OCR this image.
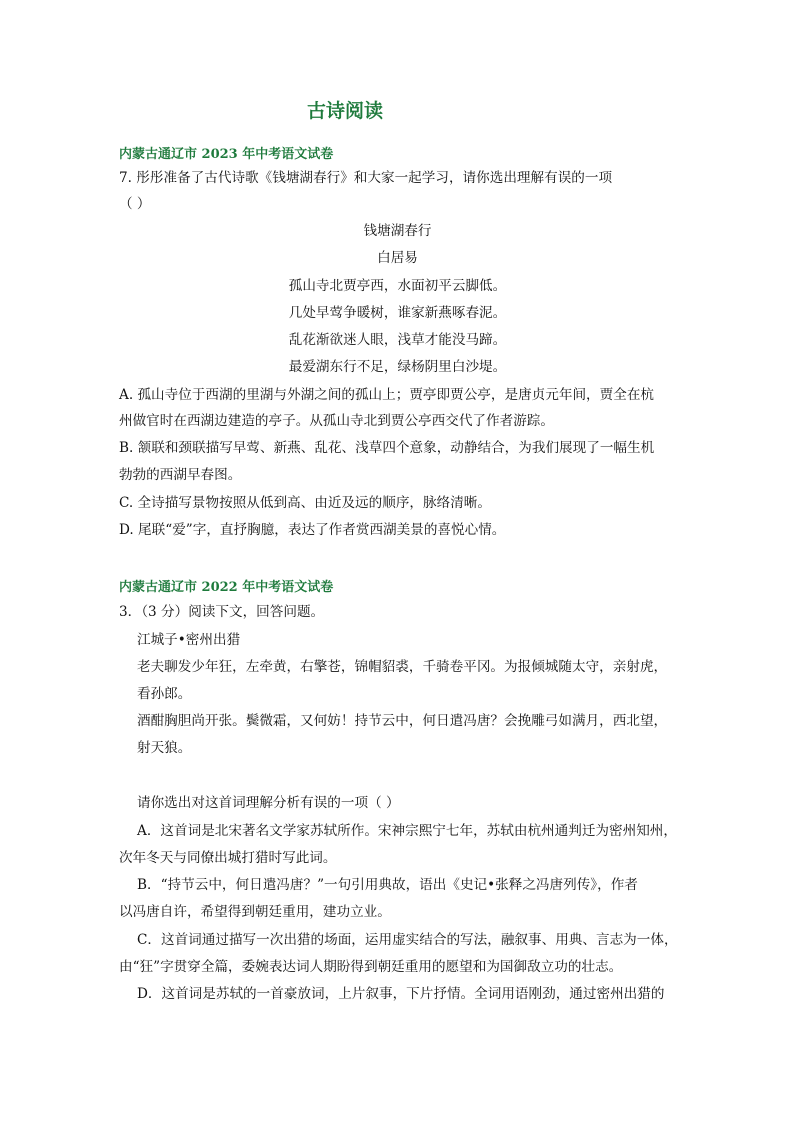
古诗阅读
内蒙古通辽市 2023 年中考语文试卷
7. 彤彤准备了古代诗歌《钱塘湖春行》和大家一起学习，请你选出理解有误的一项
（ ）
钱塘湖春行
白居易
孤山寺北贾亭西，水面初平云脚低。
几处早莺争暖树，谁家新燕啄春泥。
乱花渐欲迷人眼，浅草才能没马蹄。
最爱湖东行不足，绿杨阴里白沙堤。
A. 孤山寺位于西湖的里湖与外湖之间的孤山上；贾亭即贾公亭，是唐贞元年间，贾全在杭
州做官时在西湖边建造的亭子。从孤山寺北到贾公亭西交代了作者游踪。
B. 颔联和颈联描写早莺、新燕、乱花、浅草四个意象，动静结合，为我们展现了一幅生机
勃勃的西湖早春图。
C. 全诗描写景物按照从低到高、由近及远的顺序，脉络清晰。
D. 尾联“爱”字，直抒胸臆，表达了作者赏西湖美景的喜悦心情。
内蒙古通辽市 2022 年中考语文试卷
3．（3 分）阅读下文，回答问题。
江城子•密州出猎
老夫聊发少年狂，左牵黄，右擎苍，锦帽貂裘，千骑卷平冈。为报倾城随太守，亲射虎，
看孙郎。
酒酣胸胆尚开张。鬓微霜，又何妨！持节云中，何日遣冯唐？会挽雕弓如满月，西北望，
射天狼。
请你选出对这首词理解分析有误的一项（ ）
A．这首词是北宋著名文学家苏轼所作。宋神宗熙宁七年，苏轼由杭州通判迁为密州知州，
次年冬天与同僚出城打猎时写此词。
B．“持节云中，何日遣冯唐？”一句引用典故，语出《史记•张释之冯唐列传》，作者
以冯唐自许，希望得到朝廷重用，建功立业。
C．这首词通过描写一次出猎的场面，运用虚实结合的写法，融叙事、用典、言志为一体，
由“狂”字贯穿全篇，委婉表达词人期盼得到朝廷重用的愿望和为国御敌立功的壮志。
D．这首词是苏轼的一首豪放词，上片叙事，下片抒情。全词用语刚劲，通过密州出猎的
